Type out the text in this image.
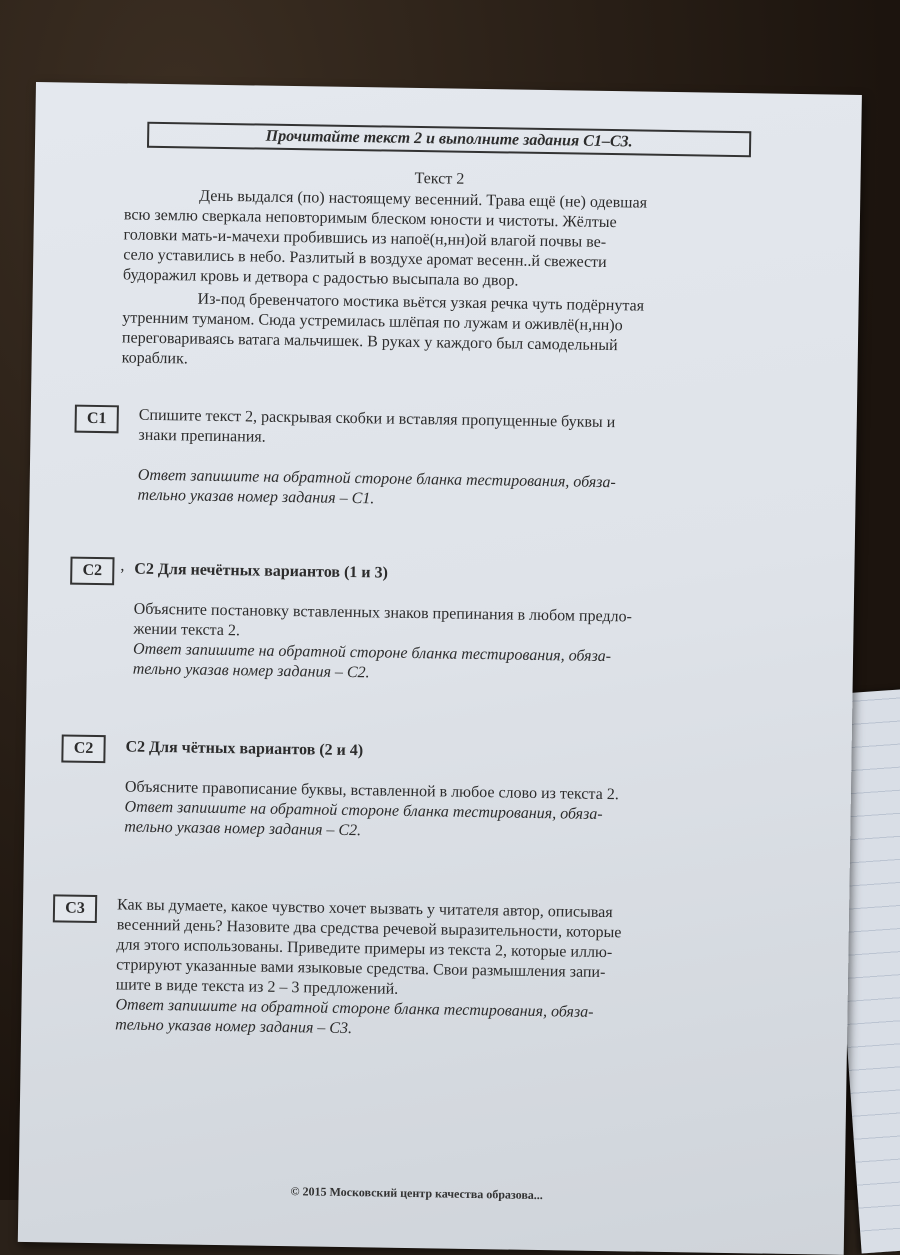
Прочитайте текст 2 и выполните задания С1–С3.
Текст 2
День выдался (по) настоящему весенний. Трава ещё (не) одевшая
всю землю сверкала неповторимым блеском юности и чистоты. Жёлтые
головки мать-и-мачехи пробившись из напоё(н,нн)ой влагой почвы ве-
село уставились в небо. Разлитый в воздухе аромат весенн..й свежести
будоражил кровь и детвора с радостью высыпала во двор.
Из-под бревенчатого мостика вьётся узкая речка чуть подёрнутая
утренним туманом. Сюда устремилась шлёпая по лужам и оживлё(н,нн)о
переговариваясь ватага мальчишек. В руках у каждого был самодельный
кораблик.
С1 Спишите текст 2, раскрывая скобки и вставляя пропущенные буквы и
знаки препинания.
Ответ запишите на обратной стороне бланка тестирования, обяза-
тельно указав номер задания – С1.
С2 , С2 Для нечётных вариантов (1 и 3)
Объясните постановку вставленных знаков препинания в любом предло-
жении текста 2.
Ответ запишите на обратной стороне бланка тестирования, обяза-
тельно указав номер задания – С2.
С2 С2 Для чётных вариантов (2 и 4)
Объясните правописание буквы, вставленной в любое слово из текста 2.
Ответ запишите на обратной стороне бланка тестирования, обяза-
тельно указав номер задания – С2.
С3 Как вы думаете, какое чувство хочет вызвать у читателя автор, описывая
весенний день? Назовите два средства речевой выразительности, которые
для этого использованы. Приведите примеры из текста 2, которые иллю-
стрируют указанные вами языковые средства. Свои размышления запи-
шите в виде текста из 2 – 3 предложений.
Ответ запишите на обратной стороне бланка тестирования, обяза-
тельно указав номер задания – С3.
© 2015 Московский центр качества образова...
